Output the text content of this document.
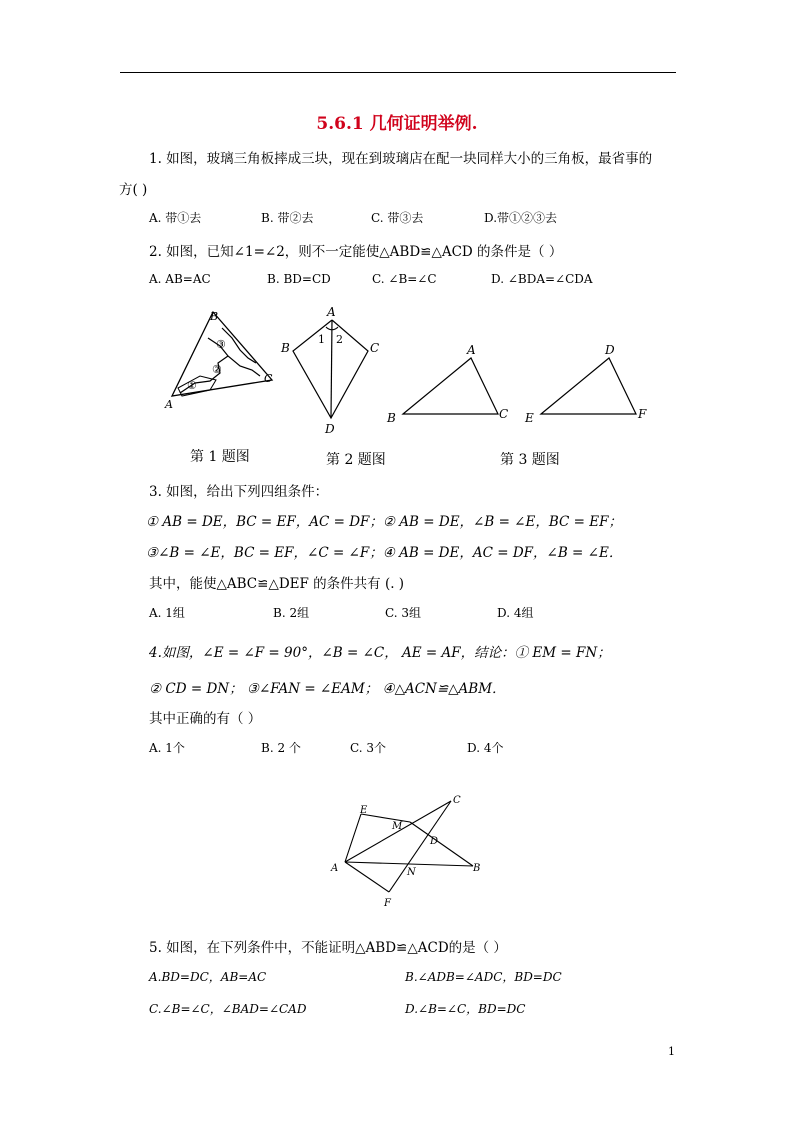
5.6.1 几何证明举例.
1. 如图，玻璃三角板摔成三块，现在到玻璃店在配一块同样大小的三角板，最省事的
方( )
A. 带①去	B. 带②去	C. 带③去	D.带①②③去
2. 如图，已知∠1=∠2，则不一定能使△ABD≌△ACD 的条件是（ ）
A. AB=AC	B. BD=CD	C. ∠B=∠C	D. ∠BDA=∠CDA
A
B
C
①
②
③
A
B	C
D
1 2
A
B	C
D
E	F
第 1 题图	第 2 题图	第 3 题图
3. 如图，给出下列四组条件：
① AB = DE，BC = EF，AC = DF；② AB = DE，∠B = ∠E，BC = EF；
③∠B = ∠E，BC = EF，∠C = ∠F；④ AB = DE，AC = DF，∠B = ∠E．
其中，能使△ABC≌△DEF 的条件共有 (. )
A. 1组	B. 2组	C. 3组	D. 4组
4.如图，∠E = ∠F = 90°，∠B = ∠C， AE = AF，结论：① EM = FN；
② CD = DN； ③∠FAN = ∠EAM； ④△ACN≌△ABM．
其中正确的有（ ）
A. 1个	B. 2 个	C. 3个	D. 4个
A	B
C
D
E
F
M
N
5. 如图，在下列条件中，不能证明△ABD≌△ACD的是（ ）
A.BD=DC，AB=AC	B.∠ADB=∠ADC，BD=DC
C.∠B=∠C，∠BAD=∠CAD	D.∠B=∠C，BD=DC
1
